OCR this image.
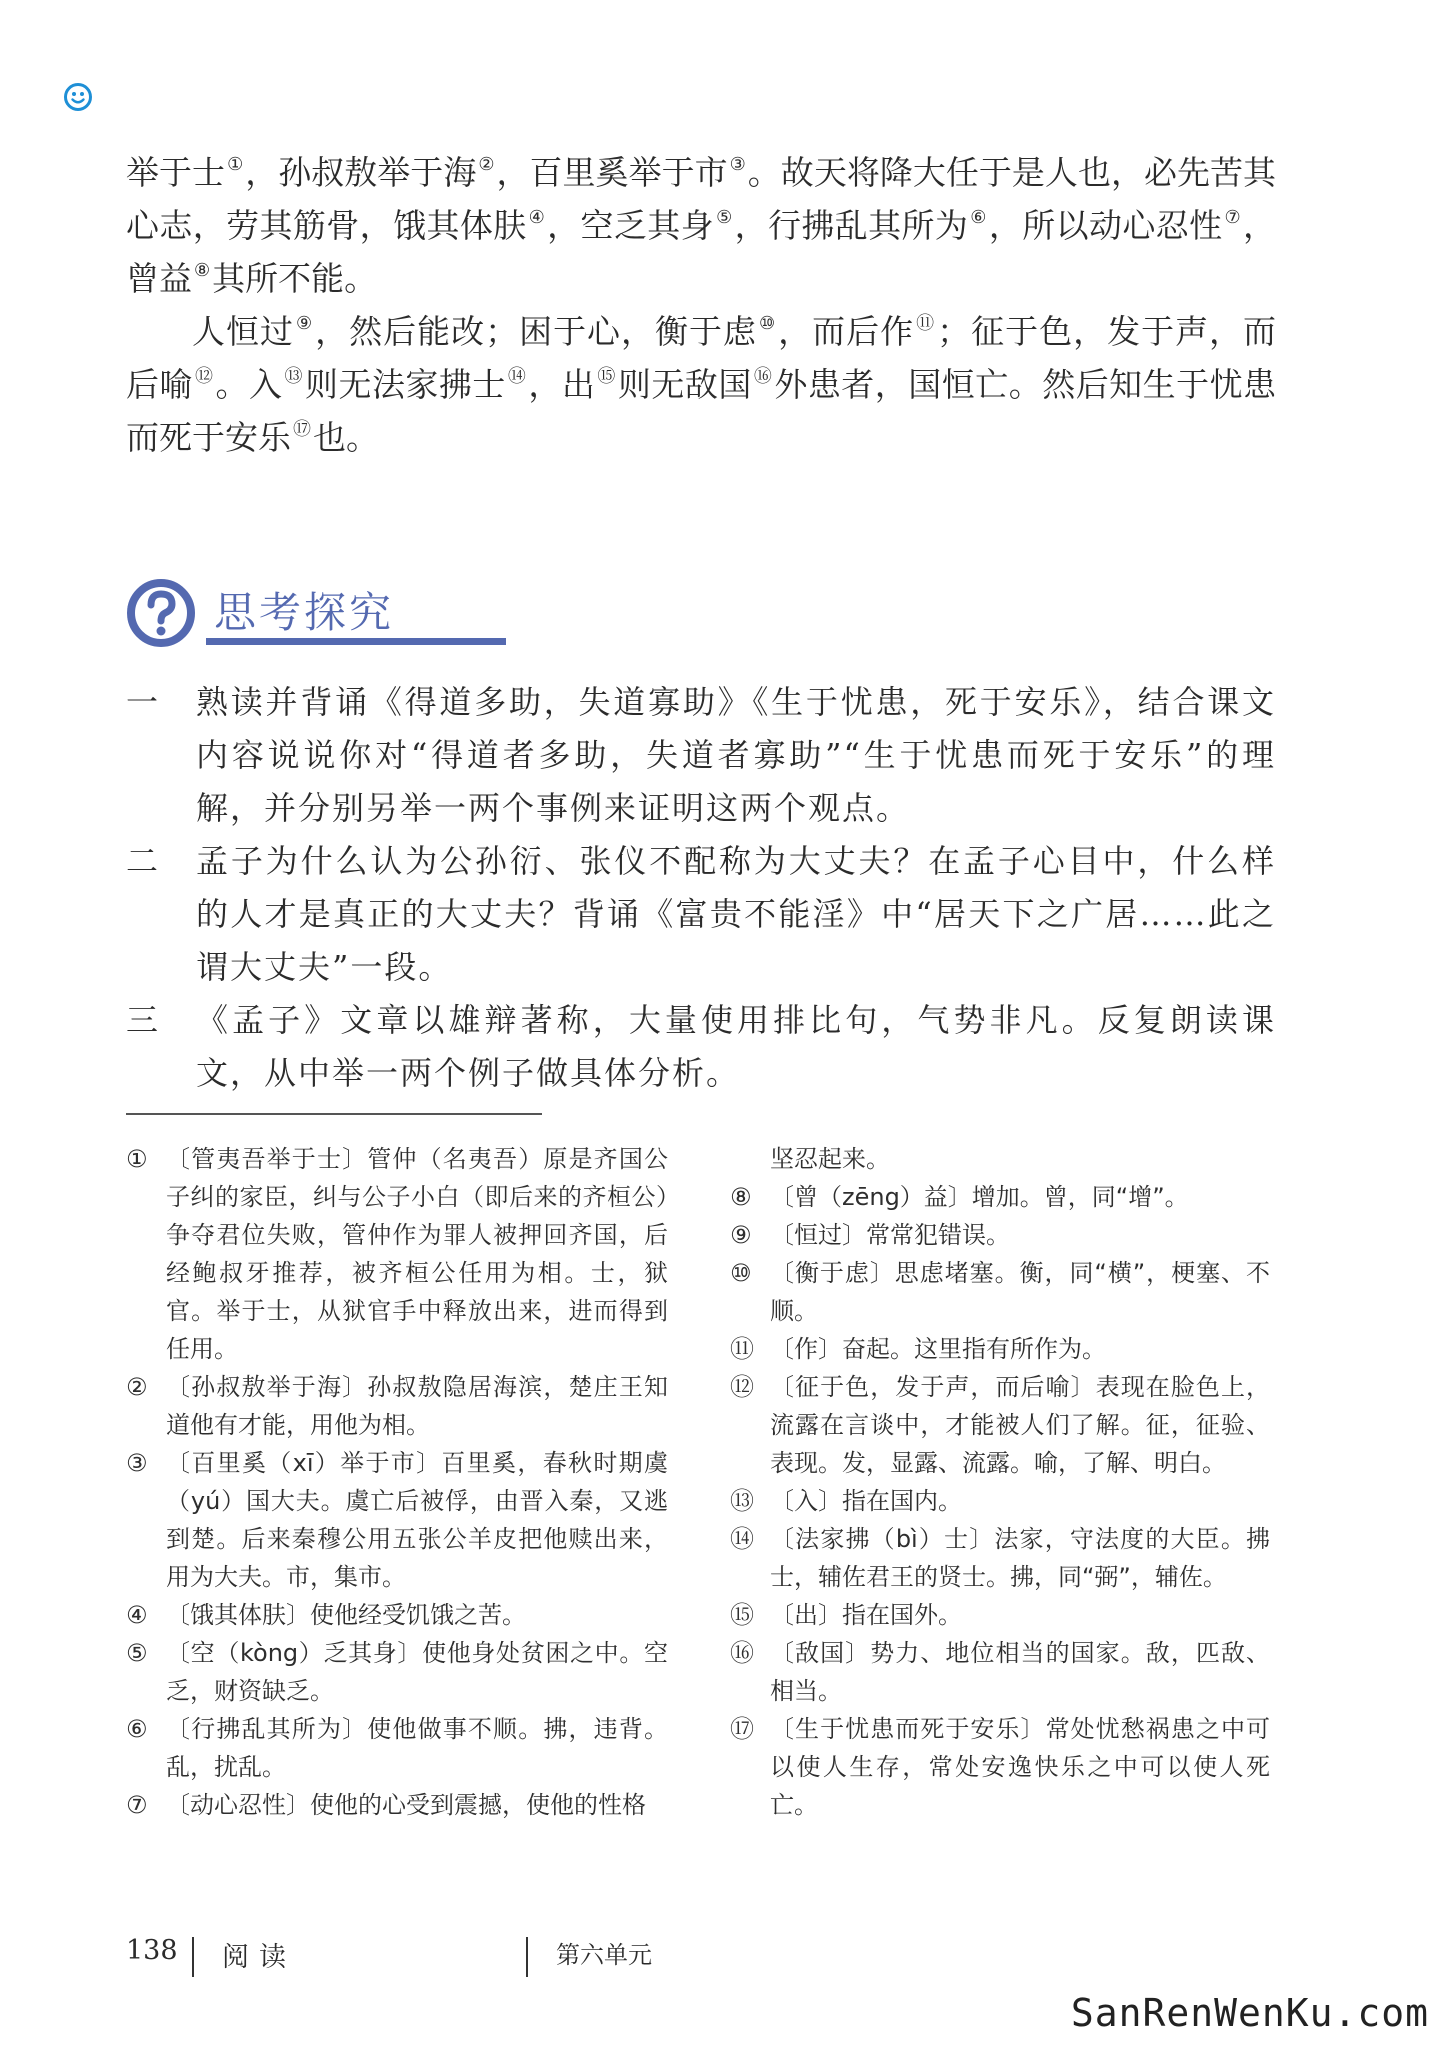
举于士 ①，孙叔敖举于海 ②，百里奚举于市 ③。故天将降大任于是人也，必先苦其心志，劳其筋骨，饿其体肤 ④，空乏其身 ⑤，行拂乱其所为 ⑥，所以动心忍性 ⑦，曾益 ⑧其所不能。

人恒过 ⑨，然后能改；困于心，衡于虑 ⑩，而后作 ⑪；征于色，发于声，而后喻 ⑫。入 ⑬则无法家拂士 ⑭，出 ⑮则无敌国 ⑯外患者，国恒亡。然后知生于忧患而死于安乐 ⑰也。

思考探究
一 熟读并背诵《得道多助，失道寡助》《生于忧患，死于安乐》，结合课文内容说说你对“得道者多助，失道者寡助”“生于忧患而死于安乐”的理解，并分别另举一两个事例来证明这两个观点。
二 孟子为什么认为公孙衍、张仪不配称为大丈夫？在孟子心目中，什么样的人才是真正的大丈夫？背诵《富贵不能淫》中“居天下之广居……此之谓大丈夫”一段。
三 《孟子》文章以雄辩著称，大量使用排比句，气势非凡。反复朗读课文，从中举一两个例子做具体分析。
① 〔管夷吾举于士〕管仲（名夷吾）原是齐国公子纠的家臣，纠与公子小白（即后来的齐桓公）争夺君位失败，管仲作为罪人被押回齐国，后经鲍叔牙推荐，被齐桓公任用为相。士，狱官。举于士，从狱官手中释放出来，进而得到任用。
② 〔孙叔敖举于海〕孙叔敖隐居海滨，楚庄王知道他有才能，用他为相。
③ 〔百里奚（xī）举于市〕百里奚，春秋时期虞（yú）国大夫。虞亡后被俘，由晋入秦，又逃到楚。后来秦穆公用五张公羊皮把他赎出来，用为大夫。市，集市。
④ 〔饿其体肤〕使他经受饥饿之苦。
⑤ 〔空（kòng）乏其身〕使他身处贫困之中。空乏，财资缺乏。
⑥ 〔行拂乱其所为〕使他做事不顺。拂，违背。乱，扰乱。
⑦ 〔动心忍性〕使他的心受到震撼，使他的性格
坚忍起来。
⑧ 〔曾（zēng）益〕增加。曾，同“增”。
⑨ 〔恒过〕常常犯错误。
⑩ 〔衡于虑〕思虑堵塞。衡，同“横”，梗塞、不顺。
⑪ 〔作〕奋起。这里指有所作为。
⑫ 〔征于色，发于声，而后喻〕表现在脸色上，流露在言谈中，才能被人们了解。征，征验、表现。发，显露、流露。喻，了解、明白。
⑬ 〔入〕指在国内。
⑭ 〔法家拂（bì）士〕法家，守法度的大臣。拂士，辅佐君王的贤士。拂，同“弼”，辅佐。
⑮ 〔出〕指在国外。
⑯ 〔敌国〕势力、地位相当的国家。敌，匹敌、相当。
⑰ 〔生于忧患而死于安乐〕常处忧愁祸患之中可以使人生存，常处安逸快乐之中可以使人死亡。
138 阅读	第六单元
SanRenWenKu.com
